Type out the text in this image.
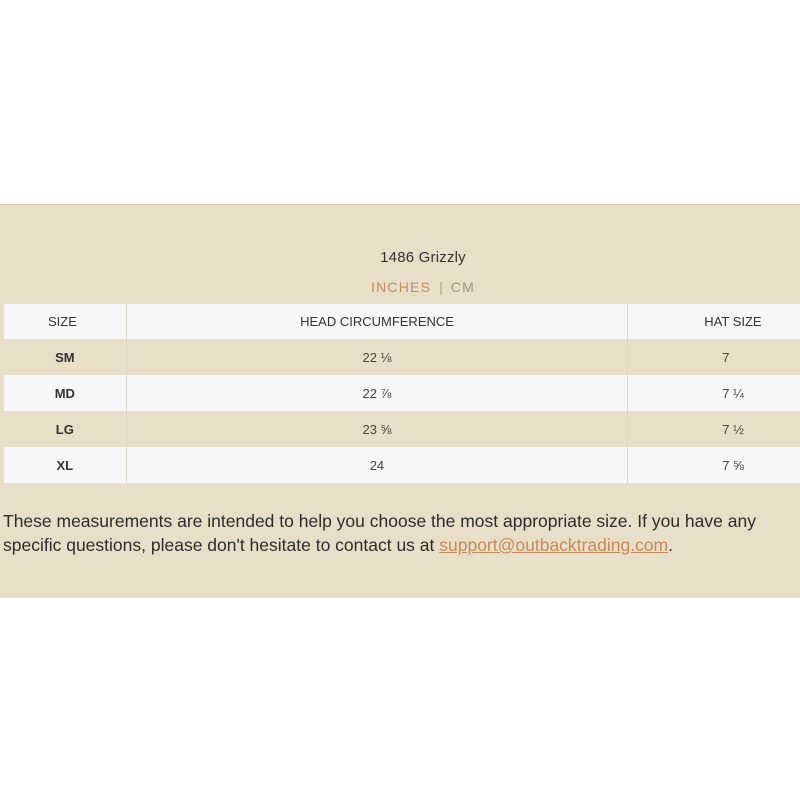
1486 Grizzly
INCHES | CM
SIZE	HEAD CIRCUMFERENCE	HAT SIZE
SM	22 ⅛	7
MD	22 ⅞	7 ¼
LG	23 ⅝	7 ½
XL	24	7 ⅝
These measurements are intended to help you choose the most appropriate size. If you have any specific questions, please don't hesitate to contact us at support@outbacktrading.com.
